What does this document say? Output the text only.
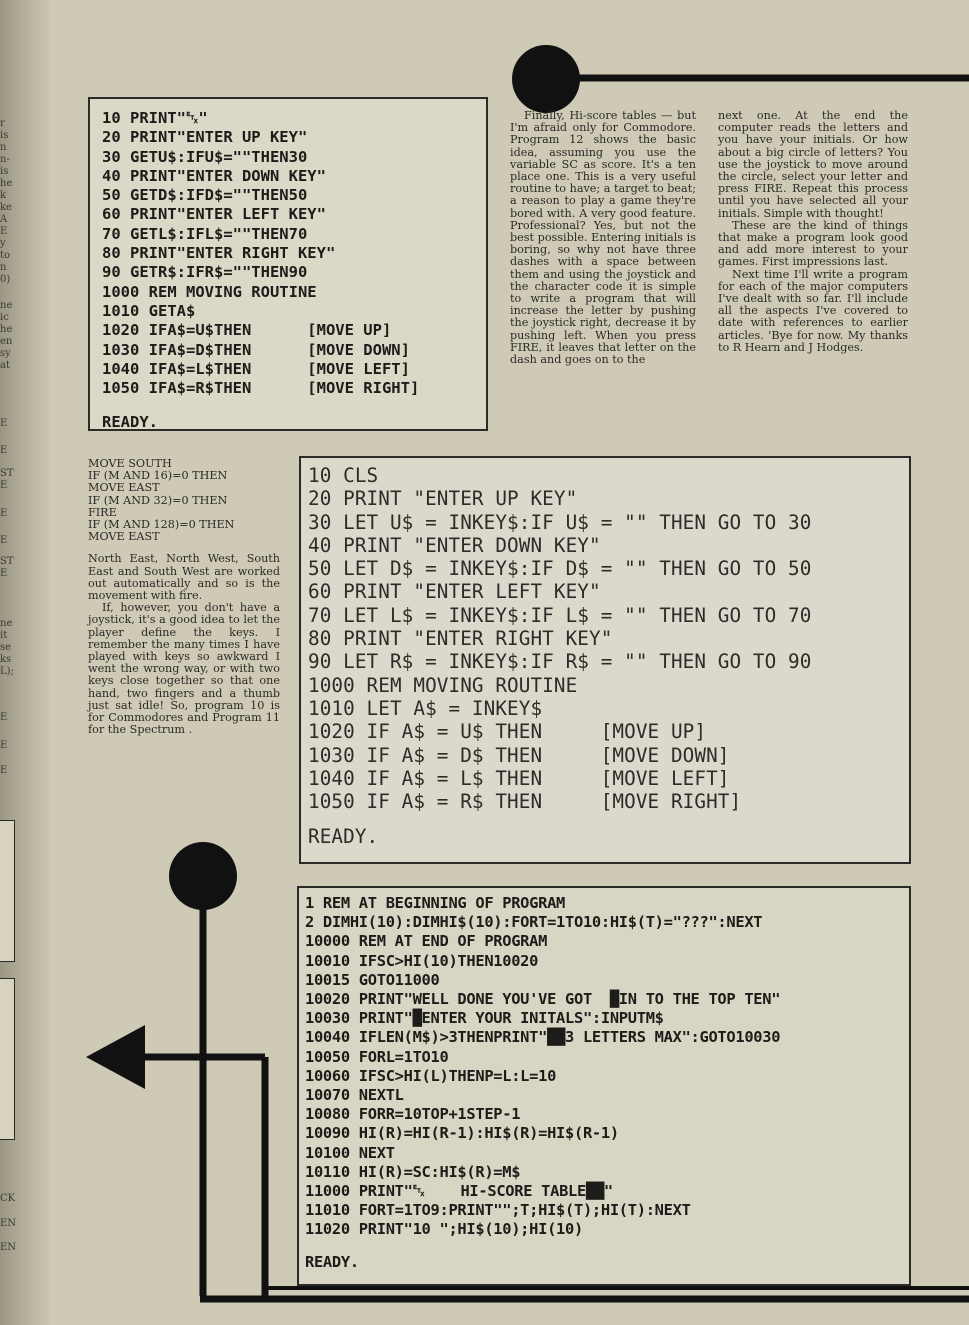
r
is
n
n-
is
he
k
ke
A
E
y
to
n
0)
ne
ic
he
en
sy
at
E
E
ST
E
E
E
ST
E
ne
it
se
ks
L);
E
E
E
CK
EN
EN
10 PRINT"␃"
20 PRINT"ENTER UP KEY"
30 GETU$:IFU$=""THEN30
40 PRINT"ENTER DOWN KEY"
50 GETD$:IFD$=""THEN50
60 PRINT"ENTER LEFT KEY"
70 GETL$:IFL$=""THEN70
80 PRINT"ENTER RIGHT KEY"
90 GETR$:IFR$=""THEN90
1000 REM MOVING ROUTINE
1010 GETA$
1020 IFA$=U$THEN      [MOVE UP]
1030 IFA$=D$THEN      [MOVE DOWN]
1040 IFA$=L$THEN      [MOVE LEFT]
1050 IFA$=R$THEN      [MOVE RIGHT]
READY.

Finally, Hi-score tables — but I'm afraid only for Commodore. Program 12 shows the basic idea, assuming you use the variable SC as score. It's a ten place one. This is a very useful routine to have; a target to beat; a reason to play a game they're bored with. A very good feature. Professional? Yes, but not the best possible. Entering initials is boring, so why not have three dashes with a space between them and using the joystick and the character code it is simple to write a program that will increase the letter by pushing the joystick right, decrease it by pushing left. When you press FIRE, it leaves that letter on the dash and goes on to the

next one. At the end the computer reads the letters and you have your initials. Or how about a big circle of letters? You use the joystick to move around the circle, select your letter and press FIRE. Repeat this process until you have selected all your initials. Simple with thought!

These are the kind of things that make a program look good and add more interest to your games. First impressions last.

Next time I'll write a program for each of the major computers I've dealt with so far. I'll include all the aspects I've covered to date with references to earlier articles. 'Bye for now. My thanks to R Hearn and J Hodges.

MOVE SOUTH
IF (M AND 16)=0 THEN
MOVE EAST
IF (M AND 32)=0 THEN
FIRE
IF (M AND 128)=0 THEN
MOVE EAST

North East, North West, South East and South West are worked out automatically and so is the movement with fire.

If, however, you don't have a joystick, it's a good idea to let the player define the keys. I remember the many times I have played with keys so awkward I went the wrong way, or with two keys close together so that one hand, two fingers and a thumb just sat idle! So, program 10 is for Commodores and Program 11 for the Spectrum .

10 CLS
20 PRINT "ENTER UP KEY"
30 LET U$ = INKEY$:IF U$ = "" THEN GO TO 30
40 PRINT "ENTER DOWN KEY"
50 LET D$ = INKEY$:IF D$ = "" THEN GO TO 50
60 PRINT "ENTER LEFT KEY"
70 LET L$ = INKEY$:IF L$ = "" THEN GO TO 70
80 PRINT "ENTER RIGHT KEY"
90 LET R$ = INKEY$:IF R$ = "" THEN GO TO 90
1000 REM MOVING ROUTINE
1010 LET A$ = INKEY$
1020 IF A$ = U$ THEN     [MOVE UP]
1030 IF A$ = D$ THEN     [MOVE DOWN]
1040 IF A$ = L$ THEN     [MOVE LEFT]
1050 IF A$ = R$ THEN     [MOVE RIGHT]
READY.
1 REM AT BEGINNING OF PROGRAM
2 DIMHI(10):DIMHI$(10):FORT=1TO10:HI$(T)="???":NEXT
10000 REM AT END OF PROGRAM
10010 IFSC>HI(10)THEN10020
10015 GOTO11000
10020 PRINT"WELL DONE YOU'VE GOT  █IN TO THE TOP TEN"
10030 PRINT"█ENTER YOUR INITALS":INPUTM$
10040 IFLEN(M$)>3THENPRINT"██3 LETTERS MAX":GOTO10030
10050 FORL=1TO10
10060 IFSC>HI(L)THENP=L:L=10
10070 NEXTL
10080 FORR=10TOP+1STEP-1
10090 HI(R)=HI(R-1):HI$(R)=HI$(R-1)
10100 NEXT
10110 HI(R)=SC:HI$(R)=M$
11000 PRINT"␃    HI-SCORE TABLE██"
11010 FORT=1TO9:PRINT"";T;HI$(T);HI(T):NEXT
11020 PRINT"10 ";HI$(10);HI(10)
READY.
